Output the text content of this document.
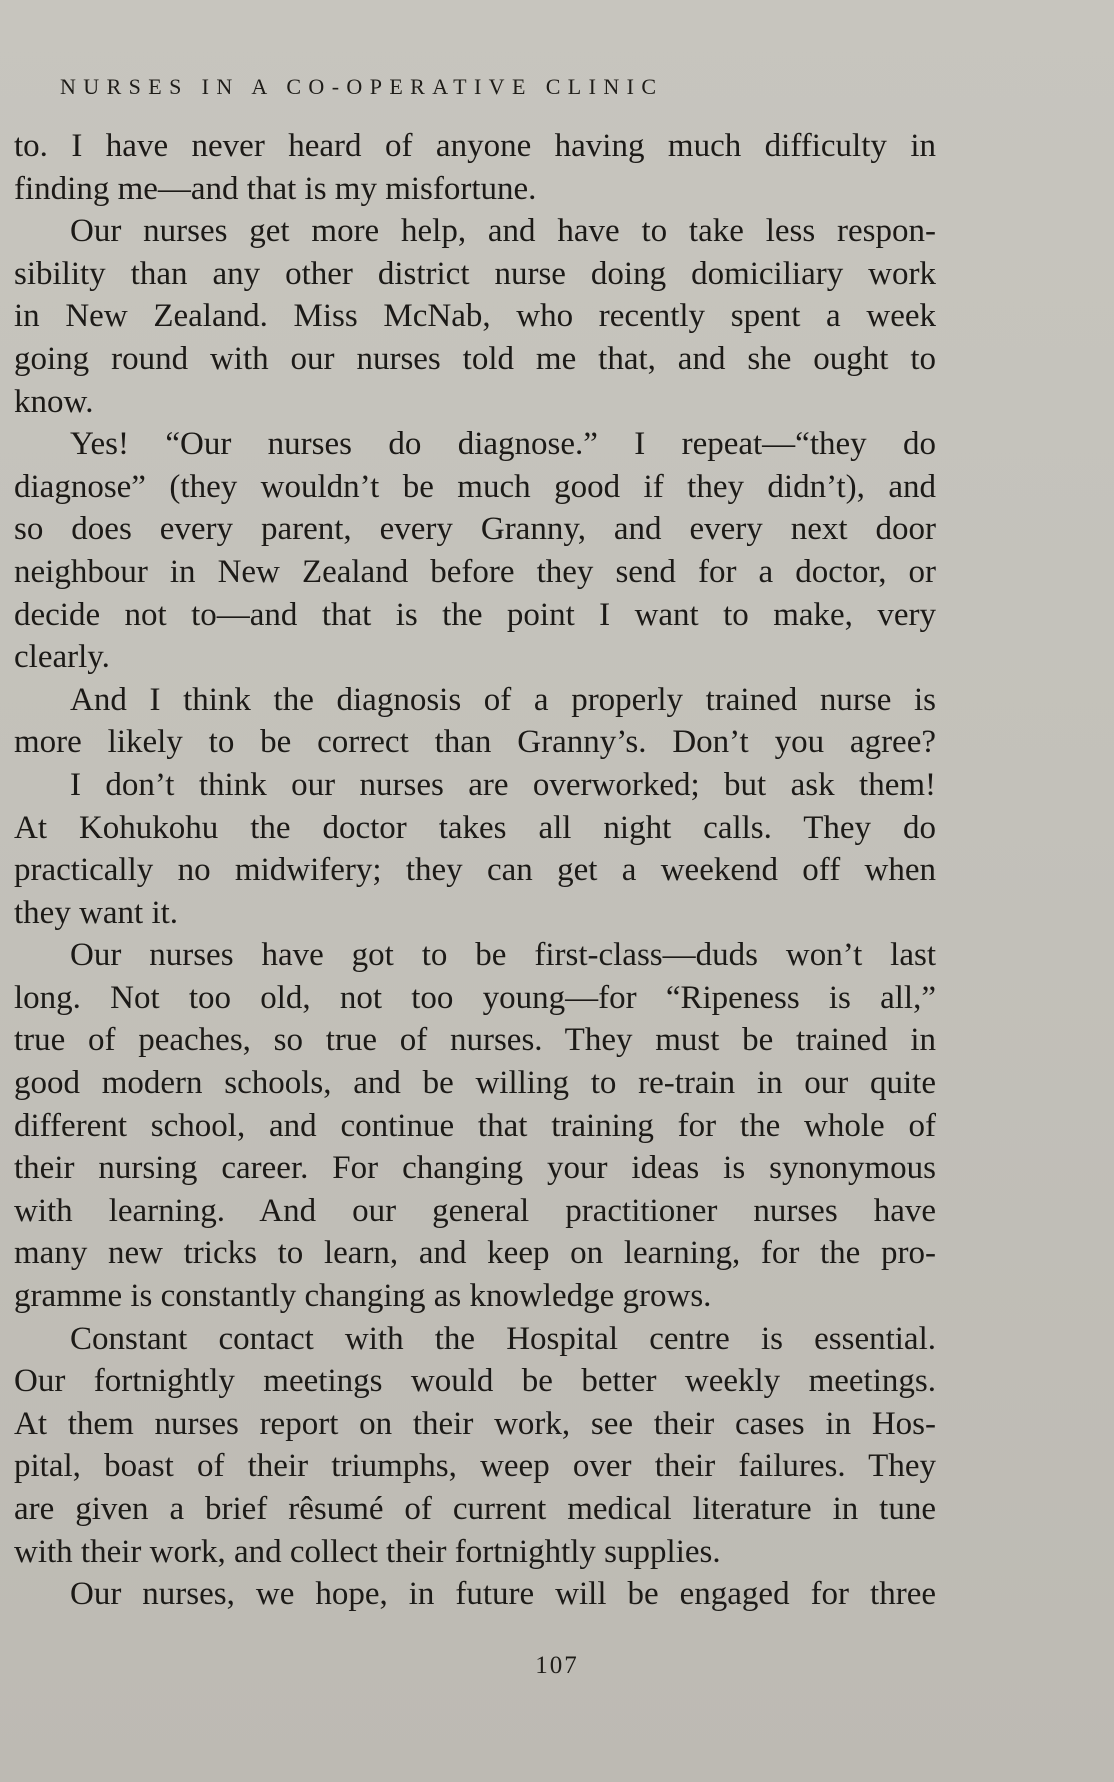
NURSES IN A CO-OPERATIVE CLINIC
to. I have never heard of anyone having much difficulty in
finding me—and that is my misfortune.
Our nurses get more help, and have to take less respon-
sibility than any other district nurse doing domiciliary work
in New Zealand. Miss McNab, who recently spent a week
going round with our nurses told me that, and she ought to
know.
Yes! “Our nurses do diagnose.” I repeat—“they do
diagnose” (they wouldn’t be much good if they didn’t), and
so does every parent, every Granny, and every next door
neighbour in New Zealand before they send for a doctor, or
decide not to—and that is the point I want to make, very
clearly.
And I think the diagnosis of a properly trained nurse is
more likely to be correct than Granny’s. Don’t you agree?
I don’t think our nurses are overworked; but ask them!
At Kohukohu the doctor takes all night calls. They do
practically no midwifery; they can get a weekend off when
they want it.
Our nurses have got to be first-class—duds won’t last
long. Not too old, not too young—for “Ripeness is all,”
true of peaches, so true of nurses. They must be trained in
good modern schools, and be willing to re-train in our quite
different school, and continue that training for the whole of
their nursing career. For changing your ideas is synonymous
with learning. And our general practitioner nurses have
many new tricks to learn, and keep on learning, for the pro-
gramme is constantly changing as knowledge grows.
Constant contact with the Hospital centre is essential.
Our fortnightly meetings would be better weekly meetings.
At them nurses report on their work, see their cases in Hos-
pital, boast of their triumphs, weep over their failures. They
are given a brief rêsumé of current medical literature in tune
with their work, and collect their fortnightly supplies.
Our nurses, we hope, in future will be engaged for three
107
